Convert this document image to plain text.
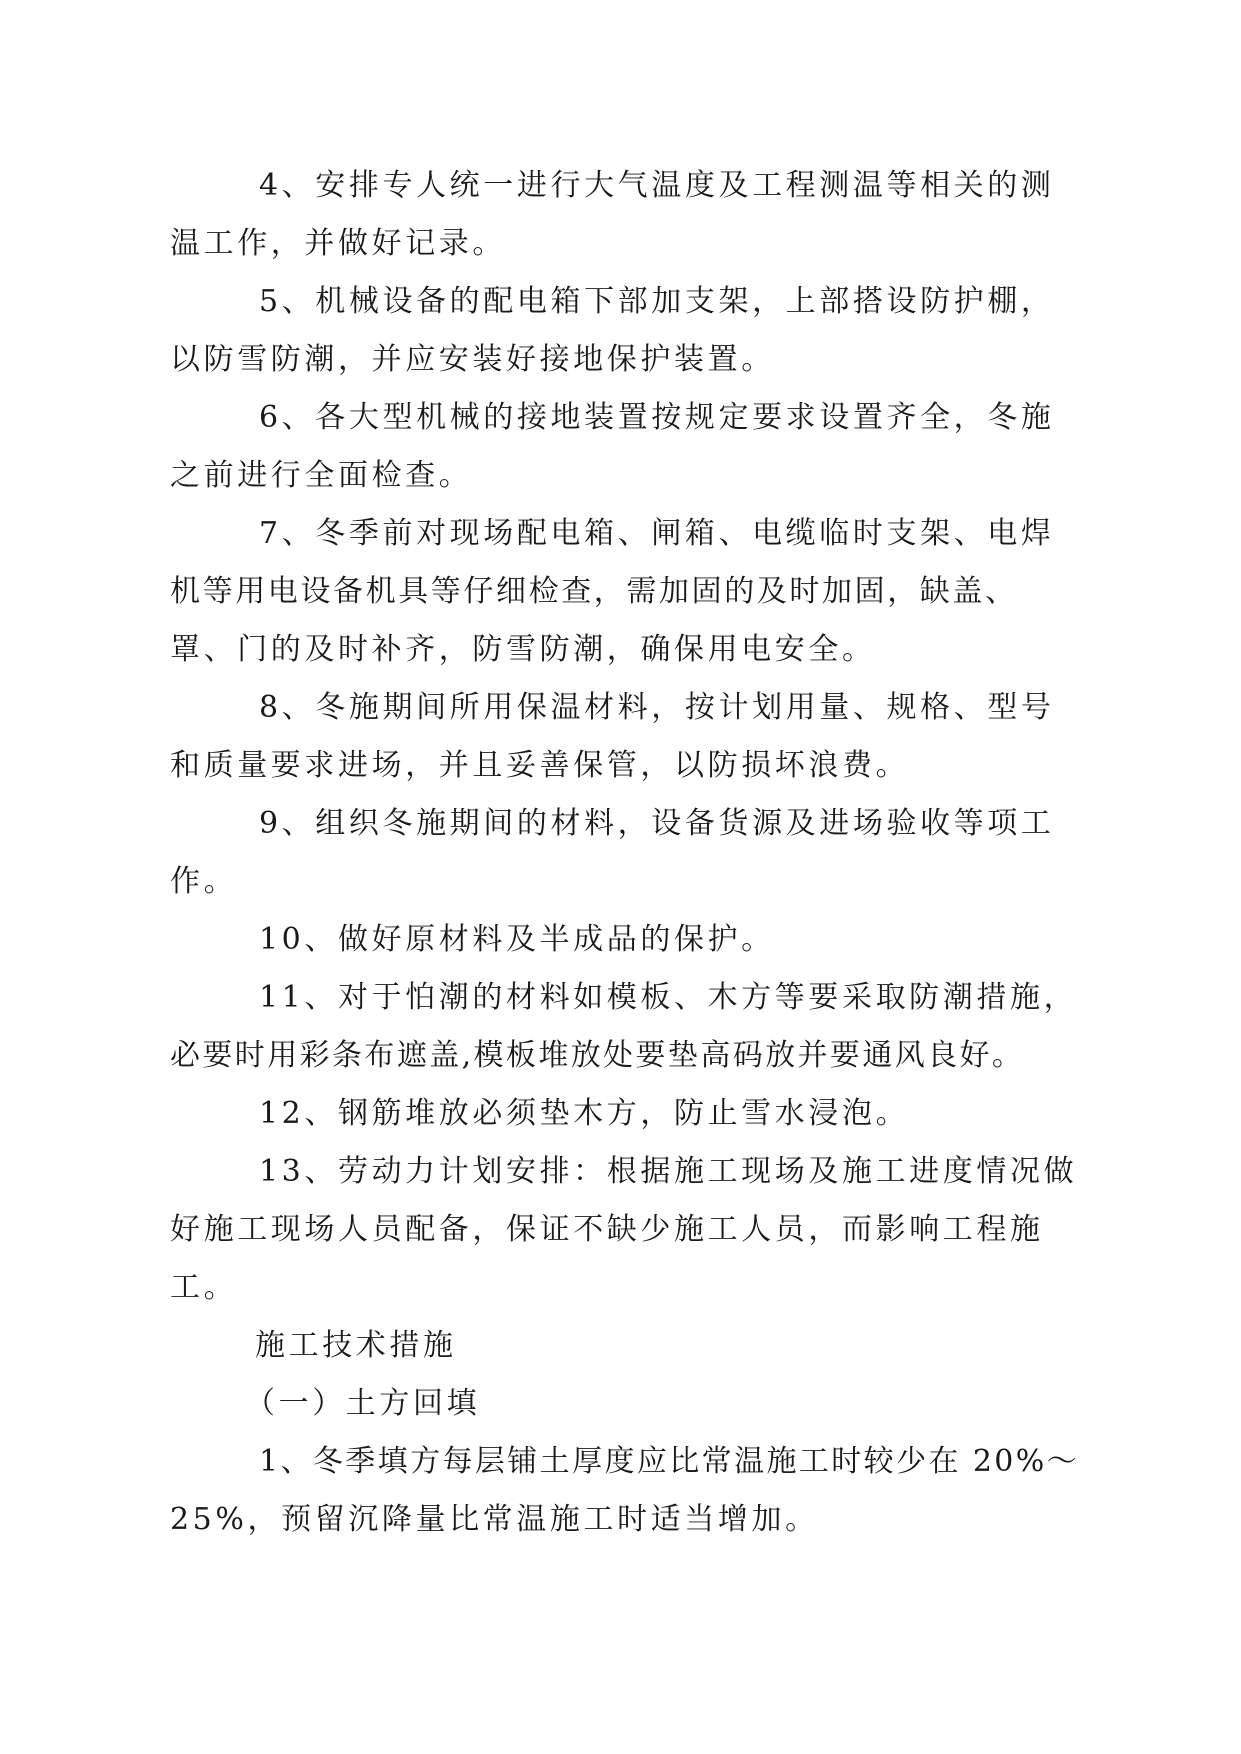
4、安排专人统一进行大气温度及工程测温等相关的测
温工作，并做好记录。

5、机械设备的配电箱下部加支架，上部搭设防护棚，
以防雪防潮，并应安装好接地保护装置。

6、各大型机械的接地装置按规定要求设置齐全，冬施
之前进行全面检查。

7、冬季前对现场配电箱、闸箱、电缆临时支架、电焊
机等用电设备机具等仔细检查，需加固的及时加固，缺盖、
罩、门的及时补齐，防雪防潮，确保用电安全。

8、冬施期间所用保温材料，按计划用量、规格、型号
和质量要求进场，并且妥善保管，以防损坏浪费。

9、组织冬施期间的材料，设备货源及进场验收等项工
作。

10、做好原材料及半成品的保护。

11、对于怕潮的材料如模板、木方等要采取防潮措施，
必要时用彩条布遮盖,模板堆放处要垫高码放并要通风良好。

12、钢筋堆放必须垫木方，防止雪水浸泡。

13、劳动力计划安排：根据施工现场及施工进度情况做
好施工现场人员配备，保证不缺少施工人员，而影响工程施
工。

施工技术措施

（一）土方回填

1、冬季填方每层铺土厚度应比常温施工时较少在 20%～
25%，预留沉降量比常温施工时适当增加。
